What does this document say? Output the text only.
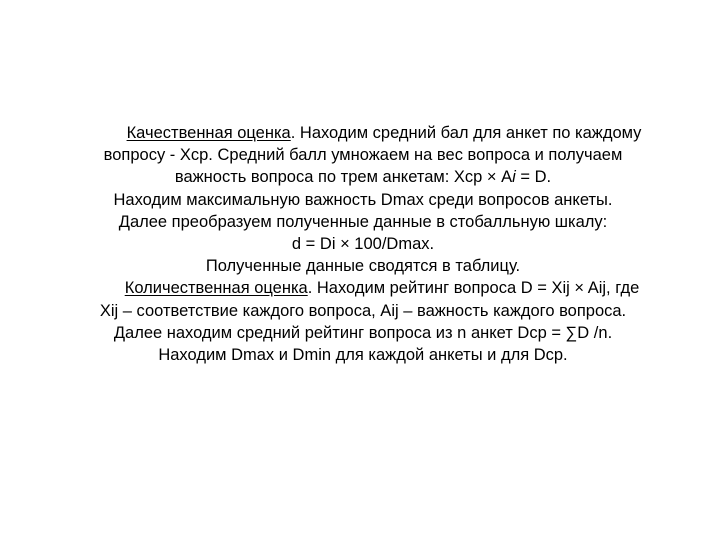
Качественная оценка. Находим средний бал для анкет по каждому
вопросу - Хср. Средний балл умножаем на вес вопроса и получаем
важность вопроса по трем анкетам: Хср × Аi = D.
Находим максимальную важность Dmax среди вопросов анкеты.
Далее преобразуем полученные данные в стобалльную шкалу:
d = Di × 100/Dmax.
Полученные данные сводятся в таблицу.
Количественная оценка. Находим рейтинг вопроса D = Xij × Aij, где
Xij – соответствие каждого вопроса, Aij – важность каждого вопроса.
Далее находим средний рейтинг вопроса из n анкет Dср = ∑D /n.
Находим Dmax и Dmin для каждой анкеты и для Dср.
